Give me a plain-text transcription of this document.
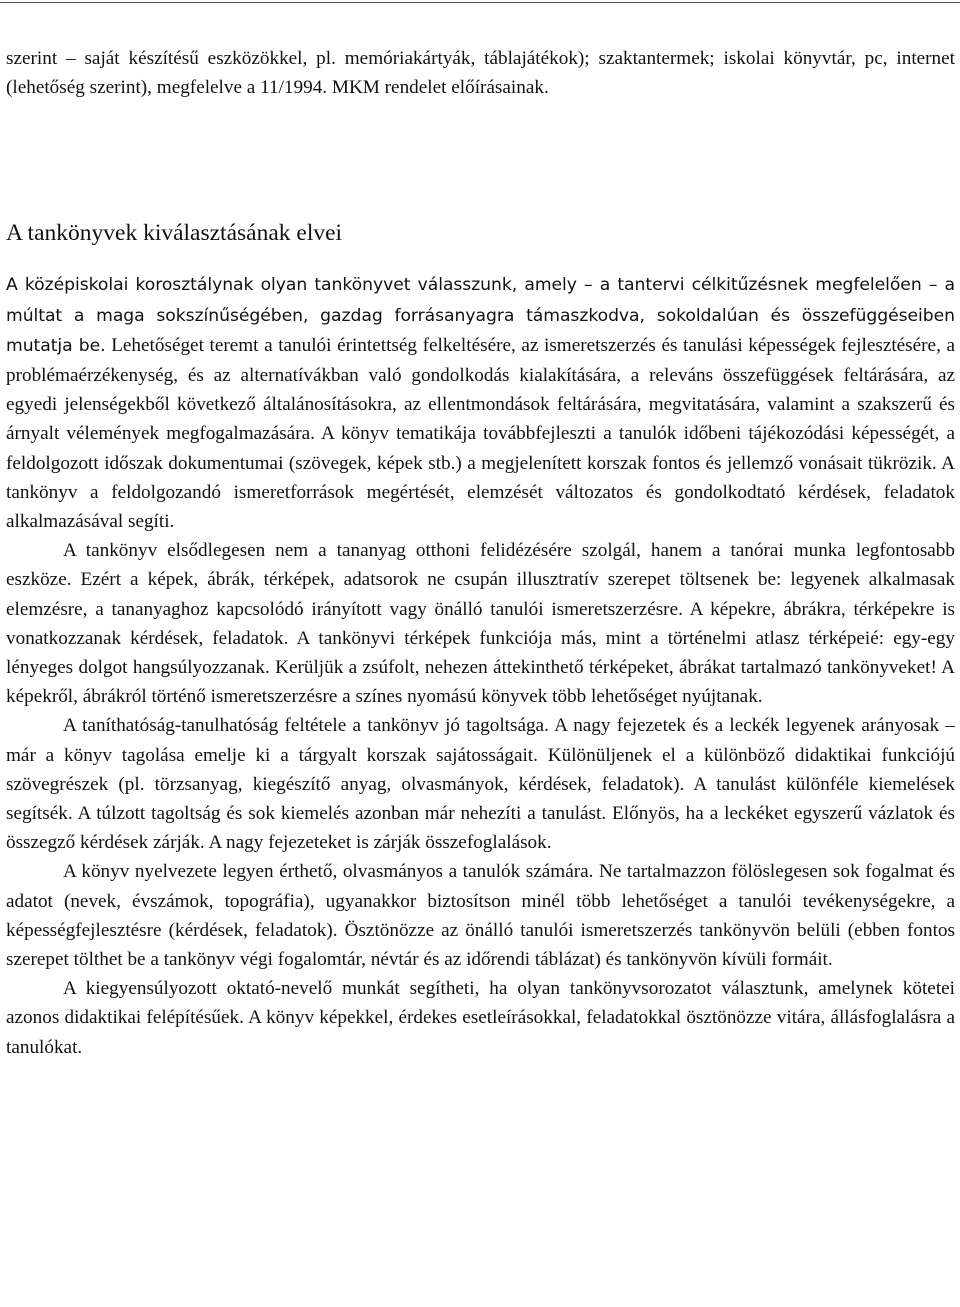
szerint – saját készítésű eszközökkel, pl. memóriakártyák, táblajátékok); szaktantermek; iskolai könyvtár, pc, internet (lehetőség szerint), megfelelve a 11/1994. MKM rendelet előírásainak.

A tankönyvek kiválasztásának elvei

A középiskolai korosztálynak olyan tankönyvet válasszunk, amely – a tantervi célkitűzésnek megfelelően – a múltat a maga sokszínűségében, gazdag forrásanyagra támaszkodva, sokoldalúan és összefüggéseiben mutatja be. Lehetőséget teremt a tanulói érintettség felkeltésére, az ismeretszerzés és tanulási képességek fejlesztésére, a problémaérzékenység, és az alternatívákban való gondolkodás kialakítására, a releváns összefüggések feltárására, az egyedi jelenségekből következő általánosításokra, az ellentmondások feltárására, megvitatására, valamint a szakszerű és árnyalt vélemények megfogalmazására. A könyv tematikája továbbfejleszti a tanulók időbeni tájékozódási képességét, a feldolgozott időszak dokumentumai (szövegek, képek stb.) a megjelenített korszak fontos és jellemző vonásait tükrözik. A tankönyv a feldolgozandó ismeretforrások megértését, elemzését változatos és gondolkodtató kérdések, feladatok alkalmazásával segíti.

A tankönyv elsődlegesen nem a tananyag otthoni felidézésére szolgál, hanem a tanórai munka legfontosabb eszköze. Ezért a képek, ábrák, térképek, adatsorok ne csupán illusztratív szerepet töltsenek be: legyenek alkalmasak elemzésre, a tananyaghoz kapcsolódó irányított vagy önálló tanulói ismeretszerzésre. A képekre, ábrákra, térképekre is vonatkozzanak kérdések, feladatok. A tankönyvi térképek funkciója más, mint a történelmi atlasz térképeié: egy-egy lényeges dolgot hangsúlyozzanak. Kerüljük a zsúfolt, nehezen áttekinthető térképeket, ábrákat tartalmazó tankönyveket! A képekről, ábrákról történő ismeretszerzésre a színes nyomású könyvek több lehetőséget nyújtanak.

A taníthatóság-tanulhatóság feltétele a tankönyv jó tagoltsága. A nagy fejezetek és a leckék legyenek arányosak – már a könyv tagolása emelje ki a tárgyalt korszak sajátosságait. Különüljenek el a különböző didaktikai funkciójú szövegrészek (pl. törzsanyag, kiegészítő anyag, olvasmányok, kérdések, feladatok). A tanulást különféle kiemelések segítsék. A túlzott tagoltság és sok kiemelés azonban már nehezíti a tanulást. Előnyös, ha a leckéket egyszerű vázlatok és összegző kérdések zárják. A nagy fejezeteket is zárják összefoglalások.

A könyv nyelvezete legyen érthető, olvasmányos a tanulók számára. Ne tartalmazzon fölöslegesen sok fogalmat és adatot (nevek, évszámok, topográfia), ugyanakkor biztosítson minél több lehetőséget a tanulói tevékenységekre, a képességfejlesztésre (kérdések, feladatok). Ösztönözze az önálló tanulói ismeretszerzés tankönyvön belüli (ebben fontos szerepet tölthet be a tankönyv végi fogalomtár, névtár és az időrendi táblázat) és tankönyvön kívüli formáit.

A kiegyensúlyozott oktató-nevelő munkát segítheti, ha olyan tankönyvsorozatot választunk, amelynek kötetei azonos didaktikai felépítésűek. A könyv képekkel, érdekes esetleírásokkal, feladatokkal ösztönözze vitára, állásfoglalásra a tanulókat.
